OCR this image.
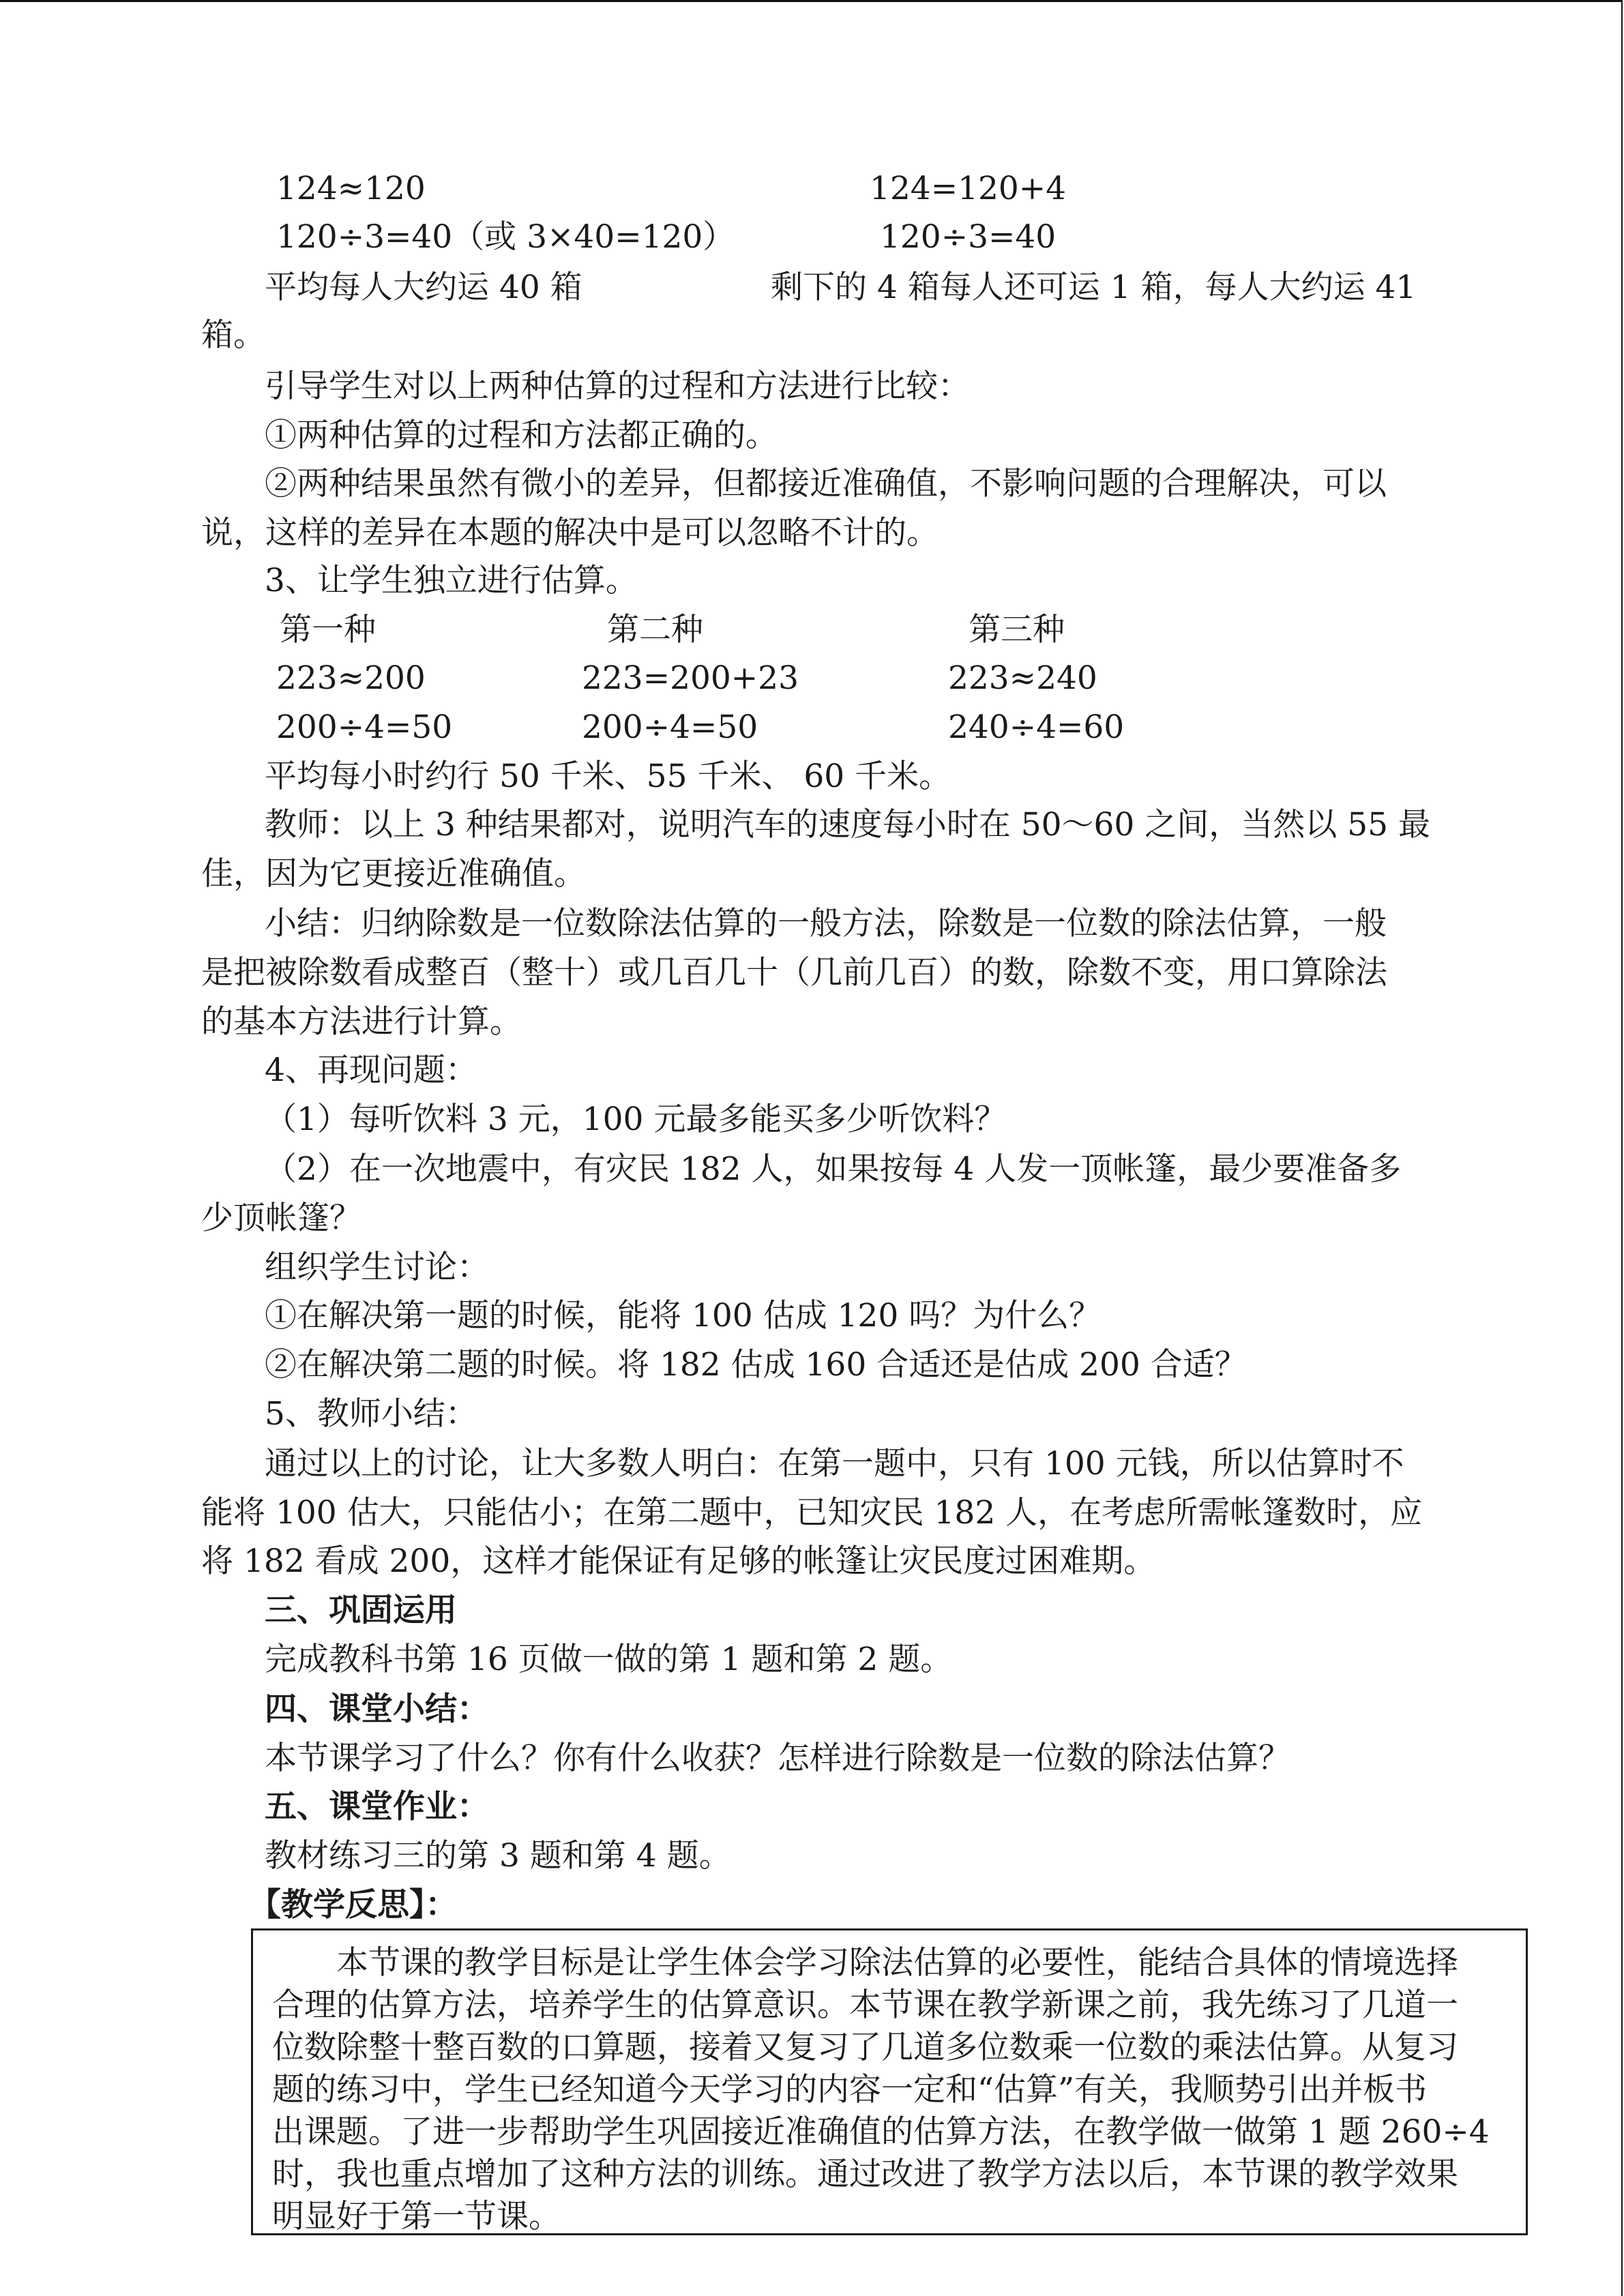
124≈120	124=120+4
120÷3=40（或 3×40=120）	120÷3=40
平均每人大约运 40 箱	剩下的 4 箱每人还可运 1 箱，每人大约运 41
箱。
引导学生对以上两种估算的过程和方法进行比较：
①两种估算的过程和方法都正确的。
②两种结果虽然有微小的差异，但都接近准确值，不影响问题的合理解决，可以
说，这样的差异在本题的解决中是可以忽略不计的。
3、让学生独立进行估算。
第一种	第二种	第三种
223≈200	223=200+23	223≈240
200÷4=50	200÷4=50	240÷4=60
平均每小时约行 50 千米、55 千米、 60 千米。
教师：以上 3 种结果都对，说明汽车的速度每小时在 50～60 之间，当然以 55 最
佳，因为它更接近准确值。
小结：归纳除数是一位数除法估算的一般方法，除数是一位数的除法估算，一般
是把被除数看成整百（整十）或几百几十（几前几百）的数，除数不变，用口算除法
的基本方法进行计算。
4、再现问题：
（1）每听饮料 3 元，100 元最多能买多少听饮料？
（2）在一次地震中，有灾民 182 人，如果按每 4 人发一顶帐篷，最少要准备多
少顶帐篷？
组织学生讨论：
①在解决第一题的时候，能将 100 估成 120 吗？为什么？
②在解决第二题的时候。将 182 估成 160 合适还是估成 200 合适？
5、教师小结：
通过以上的讨论，让大多数人明白：在第一题中，只有 100 元钱，所以估算时不
能将 100 估大，只能估小；在第二题中，已知灾民 182 人，在考虑所需帐篷数时，应
将 182 看成 200，这样才能保证有足够的帐篷让灾民度过困难期。
三、巩固运用
完成教科书第 16 页做一做的第 1 题和第 2 题。
四、课堂小结：
本节课学习了什么？你有什么收获？怎样进行除数是一位数的除法估算？
五、课堂作业：
教材练习三的第 3 题和第 4 题。
【教学反思】：
　　本节课的教学目标是让学生体会学习除法估算的必要性，能结合具体的情境选择
合理的估算方法，培养学生的估算意识。本节课在教学新课之前，我先练习了几道一
位数除整十整百数的口算题，接着又复习了几道多位数乘一位数的乘法估算。从复习
题的练习中，学生已经知道今天学习的内容一定和“估算”有关，我顺势引出并板书
出课题。了进一步帮助学生巩固接近准确值的估算方法，在教学做一做第 1 题 260÷4
时，我也重点增加了这种方法的训练。通过改进了教学方法以后，本节课的教学效果
明显好于第一节课。
